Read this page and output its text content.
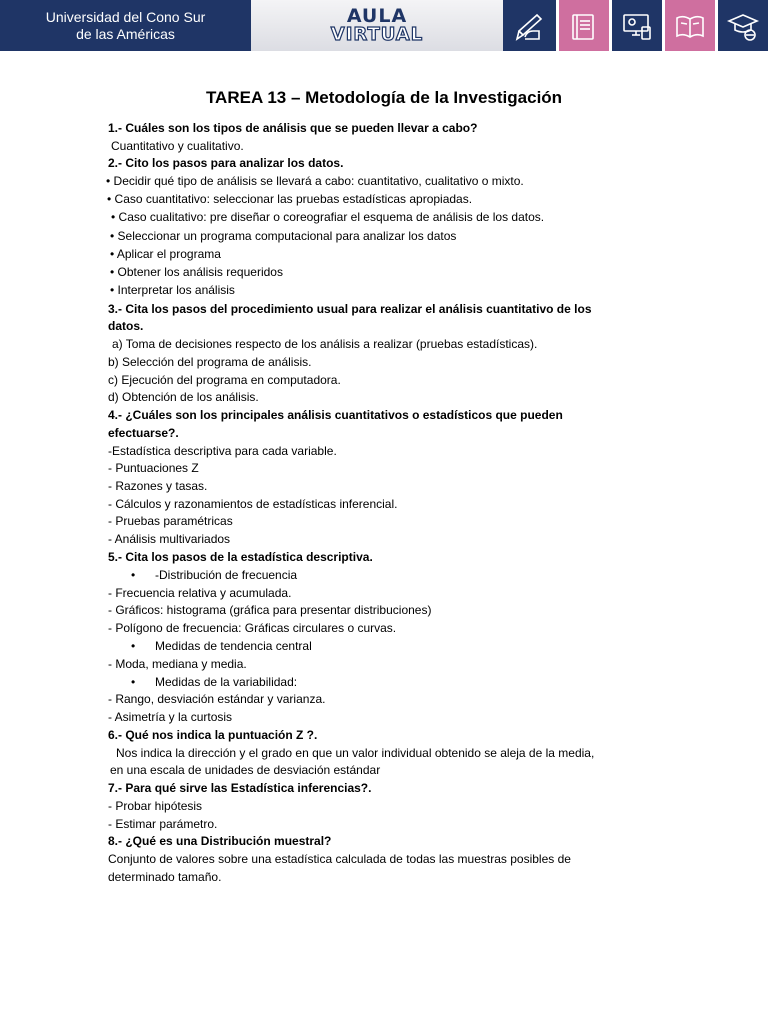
Universidad del Cono Sur
de las Américas
AULA
VIRTUAL
TAREA 13 – Metodología de la Investigación
1.- Cuáles son los tipos de análisis que se pueden llevar a cabo?
Cuantitativo y cualitativo.
2.- Cito los pasos para analizar los datos.
• Decidir qué tipo de análisis se llevará a cabo: cuantitativo, cualitativo o mixto.
• Caso cuantitativo: seleccionar las pruebas estadísticas apropiadas.
• Caso cualitativo: pre diseñar o coreografiar el esquema de análisis de los datos.
• Seleccionar un programa computacional para analizar los datos
• Aplicar el programa
• Obtener los análisis requeridos
• Interpretar los análisis
3.- Cita los pasos del procedimiento usual para realizar el análisis cuantitativo de los
datos.
a) Toma de decisiones respecto de los análisis a realizar (pruebas estadísticas).
b) Selección del programa de análisis.
c) Ejecución del programa en computadora.
d) Obtención de los análisis.
4.- ¿Cuáles son los principales análisis cuantitativos o estadísticos que pueden
efectuarse?.
-Estadística descriptiva para cada variable.
- Puntuaciones Z
- Razones y tasas.
- Cálculos y razonamientos de estadísticas inferencial.
- Pruebas paramétricas
- Análisis multivariados
5.- Cita los pasos de la estadística descriptiva.
• -Distribución de frecuencia
- Frecuencia relativa y acumulada.
- Gráficos: histograma (gráfica para presentar distribuciones)
- Polígono de frecuencia: Gráficas circulares o curvas.
• Medidas de tendencia central
- Moda, mediana y media.
• Medidas de la variabilidad:
- Rango, desviación estándar y varianza.
- Asimetría y la curtosis
6.- Qué nos indica la puntuación Z ?.
Nos indica la dirección y el grado en que un valor individual obtenido se aleja de la media,
en una escala de unidades de desviación estándar
7.- Para qué sirve las Estadística inferencias?.
- Probar hipótesis
- Estimar parámetro.
8.- ¿Qué es una Distribución muestral?
Conjunto de valores sobre una estadística calculada de todas las muestras posibles de
determinado tamaño.
